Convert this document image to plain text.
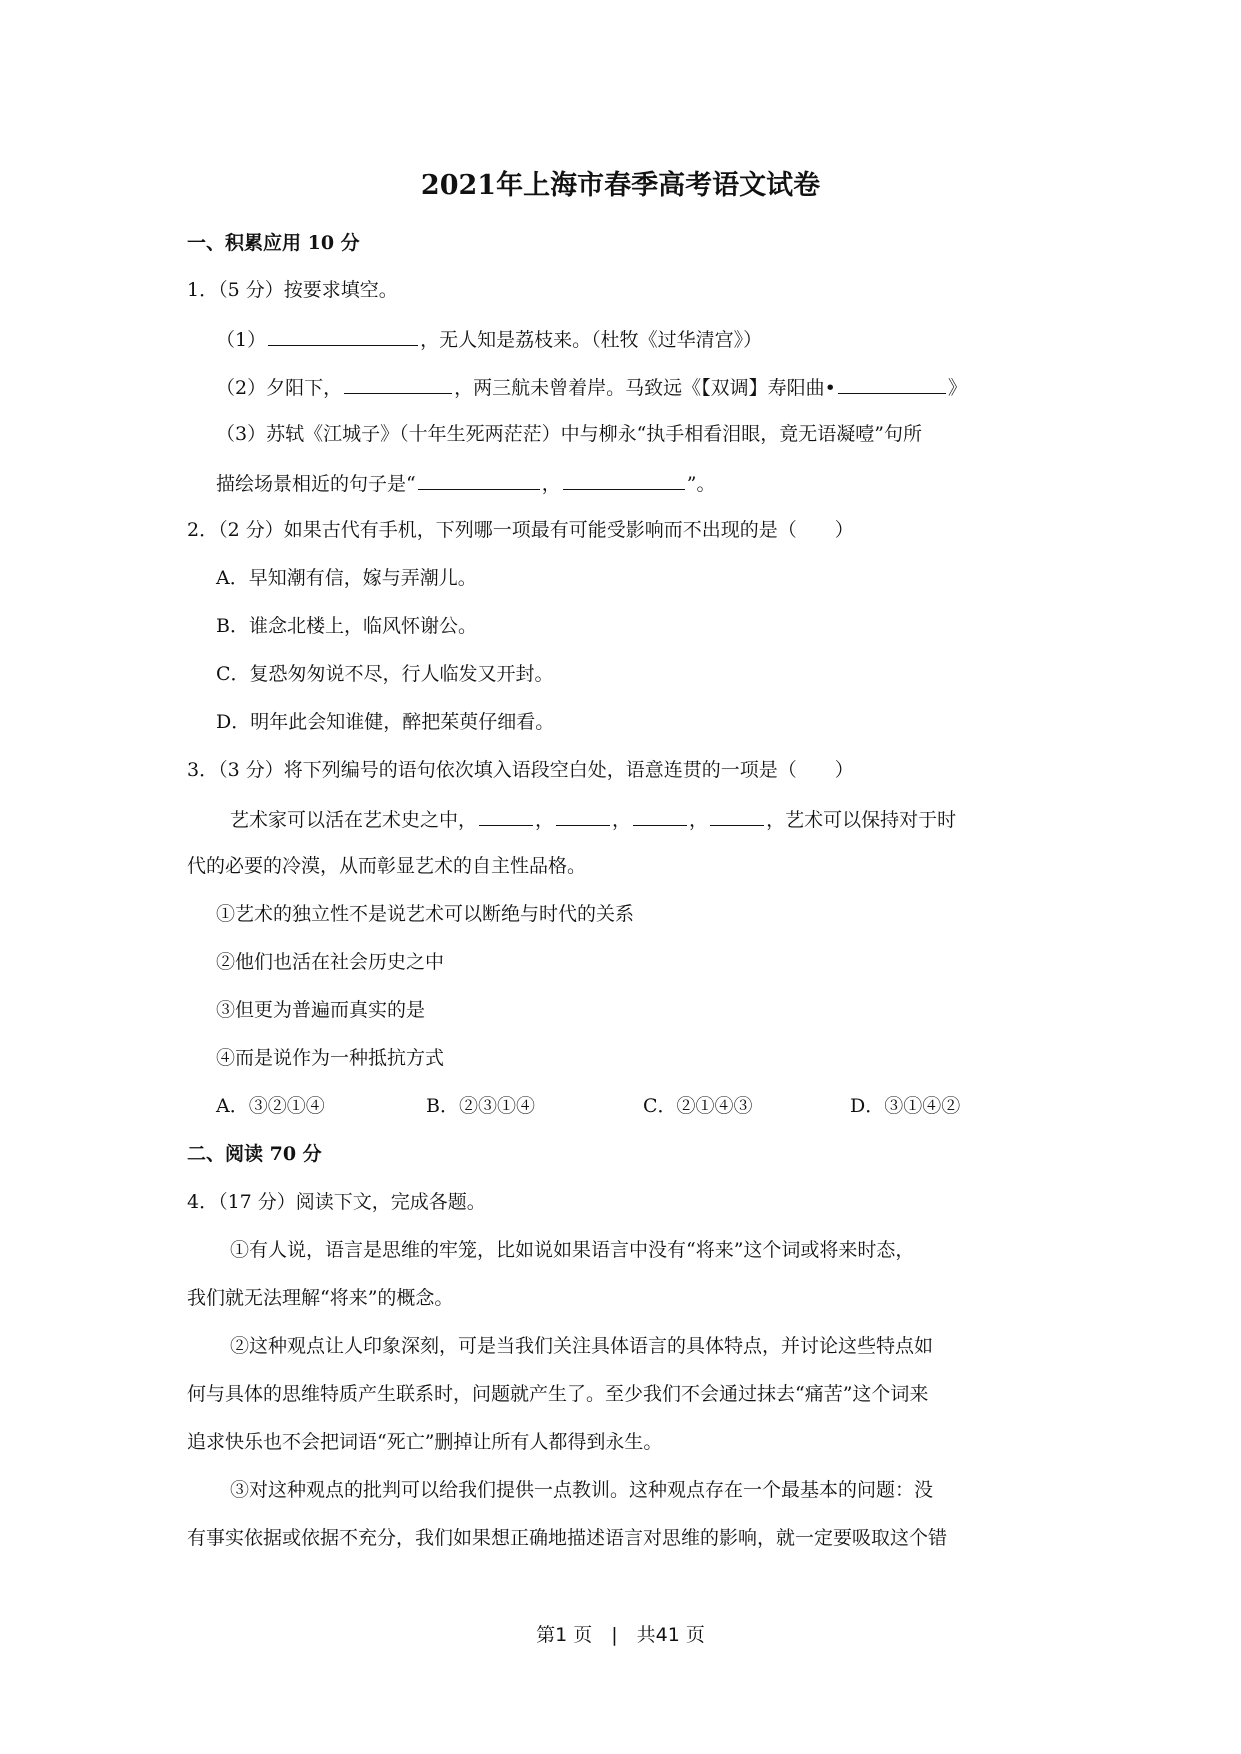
2021年上海市春季高考语文试卷
一、积累应用 10 分
1．（5 分）按要求填空。
（1）	，无人知是荔枝来。（杜牧《过华清宫》）
（2）夕阳下，	，两三航未曾着岸。马致远《【双调】寿阳曲•	》
（3）苏轼《江城子》（十年生死两茫茫）中与柳永“执手相看泪眼，竟无语凝噎”句所
描绘场景相近的句子是“	，	”。
2．（2 分）如果古代有手机，下列哪一项最有可能受影响而不出现的是（　　）
A．早知潮有信，嫁与弄潮儿。
B．谁念北楼上，临风怀谢公。
C．复恐匆匆说不尽，行人临发又开封。
D．明年此会知谁健，醉把茱萸仔细看。
3．（3 分）将下列编号的语句依次填入语段空白处，语意连贯的一项是（　　）
艺术家可以活在艺术史之中，	，	，	，	，艺术可以保持对于时
代的必要的冷漠，从而彰显艺术的自主性品格。
①艺术的独立性不是说艺术可以断绝与时代的关系
②他们也活在社会历史之中
③但更为普遍而真实的是
④而是说作为一种抵抗方式
A．③②①④	B．②③①④	C．②①④③	D．③①④②
二、阅读 70 分
4．（17 分）阅读下文，完成各题。
①有人说，语言是思维的牢笼，比如说如果语言中没有“将来”这个词或将来时态，
我们就无法理解“将来”的概念。
②这种观点让人印象深刻，可是当我们关注具体语言的具体特点，并讨论这些特点如
何与具体的思维特质产生联系时，问题就产生了。至少我们不会通过抹去“痛苦”这个词来
追求快乐也不会把词语“死亡”删掉让所有人都得到永生。
③对这种观点的批判可以给我们提供一点教训。这种观点存在一个最基本的问题：没
有事实依据或依据不充分，我们如果想正确地描述语言对思维的影响，就一定要吸取这个错
第1 页　|　共41 页
